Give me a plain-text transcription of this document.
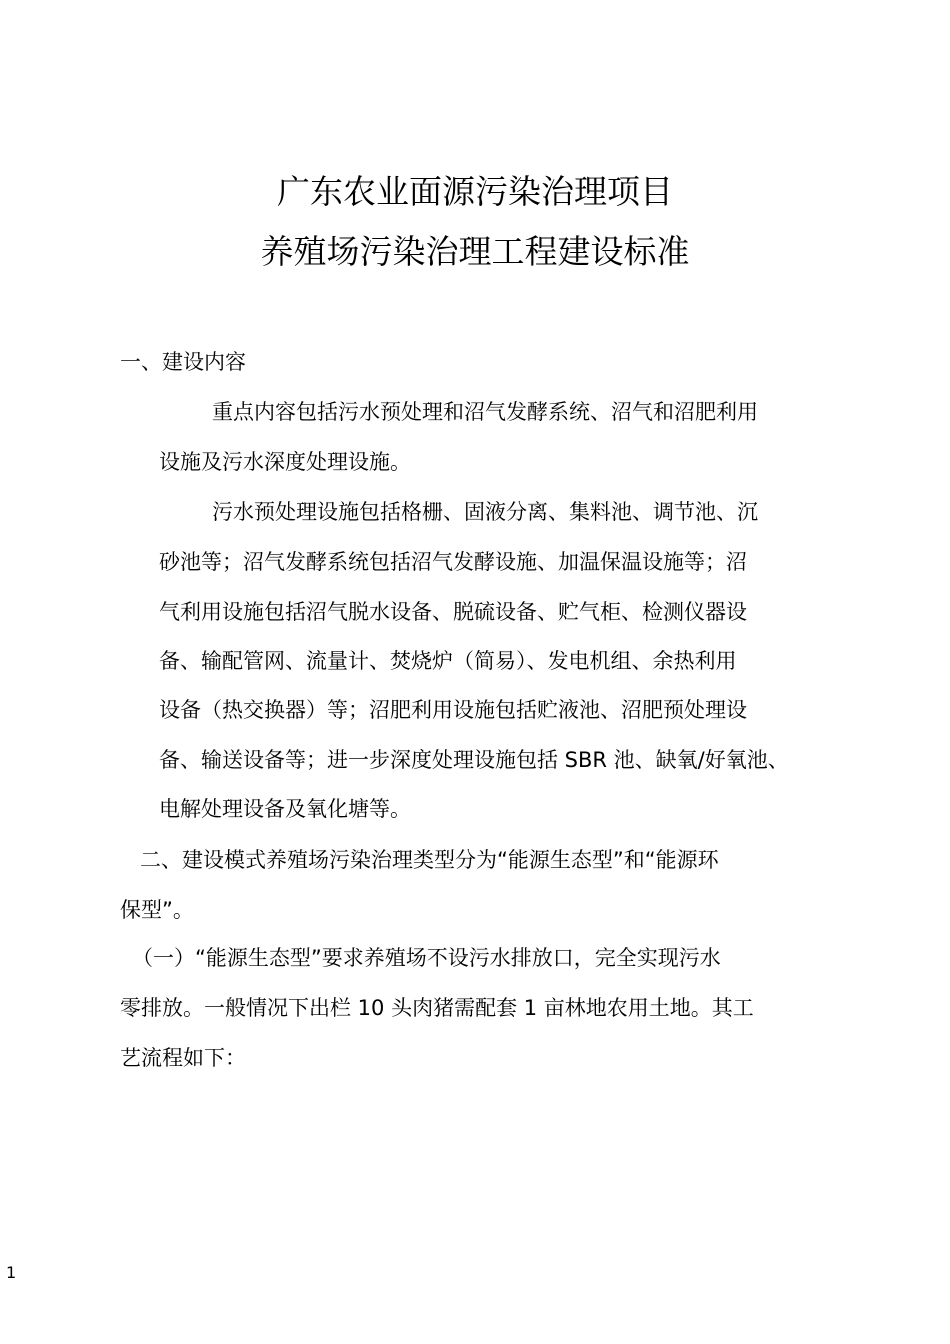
广东农业面源污染治理项目
养殖场污染治理工程建设标准

一、建设内容

重点内容包括污水预处理和沼气发酵系统、沼气和沼肥利用

设施及污水深度处理设施。

污水预处理设施包括格栅、固液分离、集料池、调节池、沉

砂池等；沼气发酵系统包括沼气发酵设施、加温保温设施等；沼

气利用设施包括沼气脱水设备、脱硫设备、贮气柜、检测仪器设

备、输配管网、流量计、焚烧炉（简易）、发电机组、余热利用

设备（热交换器）等；沼肥利用设施包括贮液池、沼肥预处理设

备、输送设备等；进一步深度处理设施包括 SBR 池、缺氧/好氧池、

电解处理设备及氧化塘等。

二、建设模式养殖场污染治理类型分为“能源生态型”和“能源环

保型”。

（一）“能源生态型”要求养殖场不设污水排放口，完全实现污水

零排放。一般情况下出栏 10 头肉猪需配套 1 亩林地农用土地。其工

艺流程如下：

1
